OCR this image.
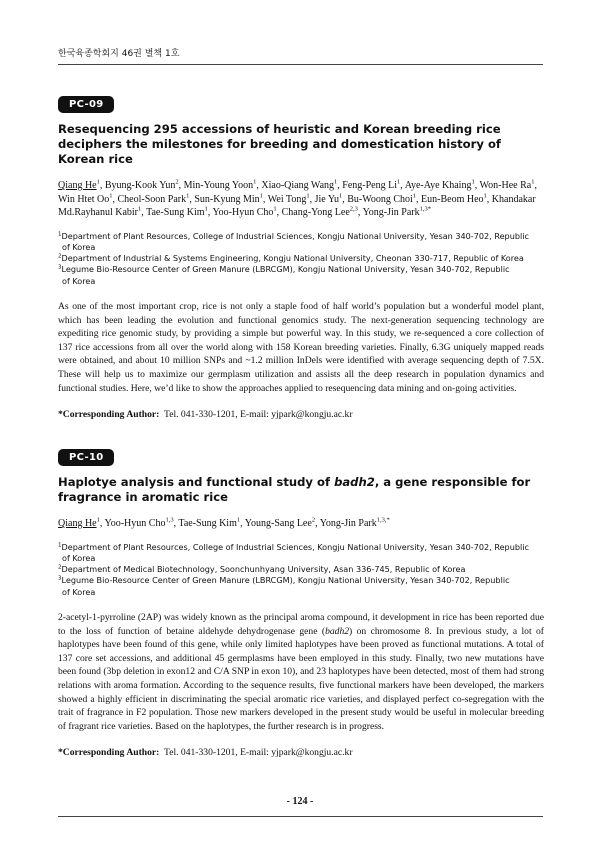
한국육종학회지 46권 별책 1호
PC-09
Resequencing 295 accessions of heuristic and Korean breeding rice deciphers the milestones for breeding and domestication history of Korean rice
Qiang He$^1$, Byung-Kook Yun$^2$, Min-Young Yoon$^1$, Xiao-Qiang Wang$^1$, Feng-Peng Li$^1$, Aye-Aye Khaing$^1$, Won-Hee Ra$^1$, Win Htet Oo$^1$, Cheol-Soon Park$^1$, Sun-Kyung Min$^1$, Wei Tong$^1$, Jie Yu$^1$, Bu-Woong Choi$^1$, Eun-Beom Heo$^1$, Khandakar Md.Rayhanul Kabir$^1$, Tae-Sung Kim$^1$, Yoo-Hyun Cho$^1$, Chang-Yong Lee$^{2,3}$, Yong-Jin Park$^{1,3*}$
$^1$Department of Plant Resources, College of Industrial Sciences, Kongju National University, Yesan 340-702, Republic
of Korea
$^2$Department of Industrial & Systems Engineering, Kongju National University, Cheonan 330-717, Republic of Korea
$^3$Legume Bio-Resource Center of Green Manure (LBRCGM), Kongju National University, Yesan 340-702, Republic
of Korea
As one of the most important crop, rice is not only a staple food of half world’s population but a wonderful model plant, which has been leading the evolution and functional genomics study. The next-generation sequencing technology are expediting rice genomic study, by providing a simple but powerful way. In this study, we re-sequenced a core collection of 137 rice accessions from all over the world along with 158 Korean breeding varieties. Finally, 6.3G uniquely mapped reads were obtained, and about 10 million SNPs and ~1.2 million InDels were identified with average sequencing depth of 7.5X. These will help us to maximize our germplasm utilization and assists all the deep research in population dynamics and functional studies. Here, we’d like to show the approaches applied to resequencing data mining and on-going activities.
*Corresponding Author: Tel. 041-330-1201, E-mail: yjpark@kongju.ac.kr
PC-10
Haplotye analysis and functional study of badh2, a gene responsible for fragrance in aromatic rice
Qiang He$^1$, Yoo-Hyun Cho$^{1,3}$, Tae-Sung Kim$^1$, Young-Sang Lee$^2$, Yong-Jin Park$^{1,3,*}$
$^1$Department of Plant Resources, College of Industrial Sciences, Kongju National University, Yesan 340-702, Republic
of Korea
$^2$Department of Medical Biotechnology, Soonchunhyang University, Asan 336-745, Republic of Korea
$^3$Legume Bio-Resource Center of Green Manure (LBRCGM), Kongju National University, Yesan 340-702, Republic
of Korea
2-acetyl-1-pyrroline (2AP) was widely known as the principal aroma compound, it development in rice has been reported due to the loss of function of betaine aldehyde dehydrogenase gene (badh2) on chromosome 8. In previous study, a lot of haplotypes have been found of this gene, while only limited haplotypes have been proved as functional mutations. A total of 137 core set accessions, and additional 45 germplasms have been employed in this study. Finally, two new mutations have been found (3bp deletion in exon12 and C/A SNP in exon 10), and 23 haplotypes have been detected, most of them had strong relations with aroma formation. According to the sequence results, five functional markers have been developed, the markers showed a highly efficient in discriminating the special aromatic rice varieties, and displayed perfect co-segregation with the trait of fragrance in F2 population. Those new markers developed in the present study would be useful in molecular breeding of fragrant rice varieties. Based on the haplotypes, the further research is in progress.
*Corresponding Author: Tel. 041-330-1201, E-mail: yjpark@kongju.ac.kr
- 124 -
